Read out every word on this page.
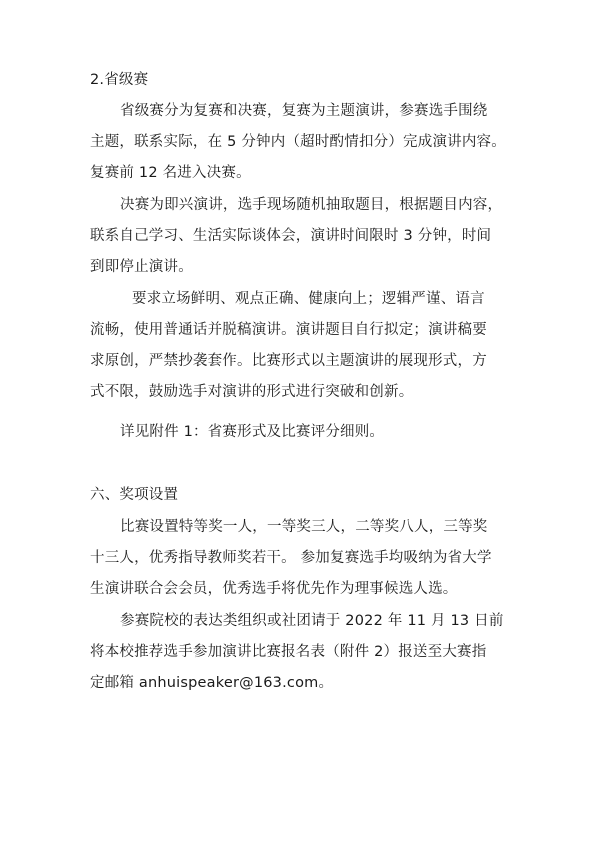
2.省级赛
省级赛分为复赛和决赛，复赛为主题演讲，参赛选手围绕
主题，联系实际，在 5 分钟内（超时酌情扣分）完成演讲内容。
复赛前 12 名进入决赛。
决赛为即兴演讲，选手现场随机抽取题目，根据题目内容，
联系自己学习、生活实际谈体会，演讲时间限时 3 分钟，时间
到即停止演讲。
要求立场鲜明、观点正确、健康向上；逻辑严谨、语言
流畅，使用普通话并脱稿演讲。演讲题目自行拟定；演讲稿要
求原创，严禁抄袭套作。比赛形式以主题演讲的展现形式，方
式不限，鼓励选手对演讲的形式进行突破和创新。
详见附件 1：省赛形式及比赛评分细则。
六、奖项设置
比赛设置特等奖一人，一等奖三人，二等奖八人，三等奖
十三人，优秀指导教师奖若干。 参加复赛选手均吸纳为省大学
生演讲联合会会员，优秀选手将优先作为理事候选人选。
参赛院校的表达类组织或社团请于 2022 年 11 月 13 日前
将本校推荐选手参加演讲比赛报名表（附件 2）报送至大赛指
定邮箱 anhuispeaker@163.com。
